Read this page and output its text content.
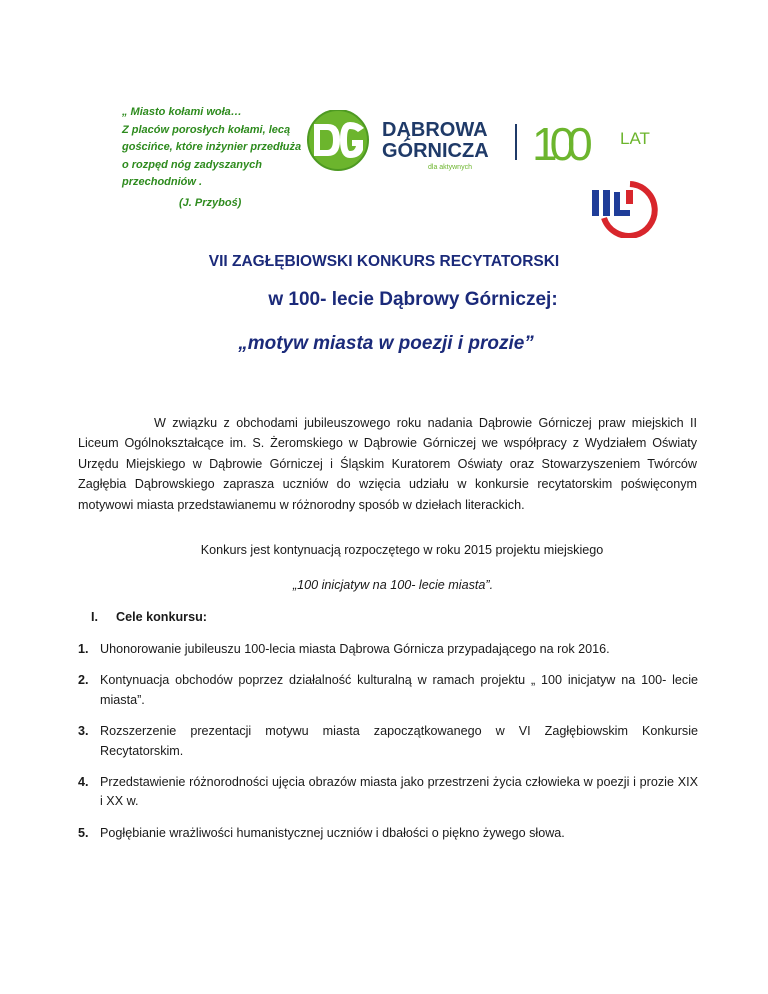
„ Miasto kołami woła…
Z placów porosłych kołami, lecą
gościńce, które inżynier przedłuża
o rozpęd nóg zadyszanych
przechodniów .
(J. Przyboś)
DĄBROWA
GÓRNICZA
dla aktywnych 100	LAT
VII ZAGŁĘBIOWSKI KONKURS RECYTATORSKI
w 100- lecie Dąbrowy Górniczej:
„motyw miasta w poezji i prozie”

W związku z obchodami jubileuszowego roku nadania Dąbrowie Górniczej praw miejskich II Liceum Ogólnokształcące im. S. Żeromskiego w Dąbrowie Górniczej we współpracy z Wydziałem Oświaty Urzędu Miejskiego w Dąbrowie Górniczej i Śląskim Kuratorem Oświaty oraz Stowarzyszeniem Twórców Zagłębia Dąbrowskiego zaprasza uczniów do wzięcia udziału w konkursie recytatorskim poświęconym motywowi miasta przedstawianemu w różnorodny sposób w dziełach literackich.

Konkurs jest kontynuacją rozpoczętego w roku 2015 projektu miejskiego
„100 inicjatyw na 100- lecie miasta”.
I. Cele konkursu:
1. Uhonorowanie jubileuszu 100-lecia miasta Dąbrowa Górnicza przypadającego na rok 2016.
2. Kontynuacja obchodów poprzez działalność kulturalną w ramach projektu „ 100 inicjatyw na 100- lecie miasta”.
3. Rozszerzenie prezentacji motywu miasta zapoczątkowanego w VI Zagłębiowskim Konkursie Recytatorskim.
4. Przedstawienie różnorodności ujęcia obrazów miasta jako przestrzeni życia człowieka w poezji i prozie XIX i XX w.
5. Pogłębianie wrażliwości humanistycznej uczniów i dbałości o piękno żywego słowa.
